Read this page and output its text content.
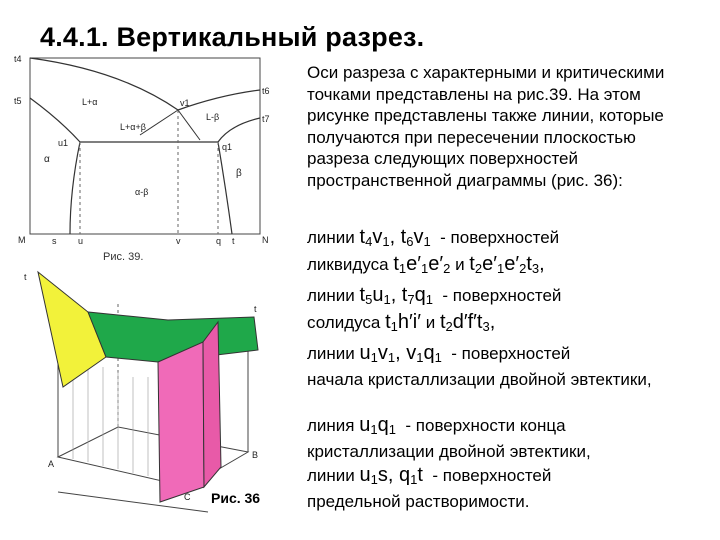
4.4.1. Вертикальный разрез.
t4
t5
t6
t7
v1
u1	q1
L+α
L-β
L+α+β
α
β
α-β
M	N
s u	v	q t
Рис. 39.
t
t
A
B
C Рис. 36
Оси разреза с характерными и критическими точками представлены на рис.39. На этом рисунке представлены также линии, которые получаются при пересечении плоскостью разреза следующих поверхностей пространственной диаграммы (рис. 36):
линии $t_4v_1$, $t_6v_1$ - поверхностей
ликвидуса $t_1e'_1e'_2$ и $t_2e'_1e'_2t_3$,
линии $t_5u_1$, $t_7q_1$ - поверхностей
солидуса $t_1h'i'$ и $t_2d'f't_3$,
линии $u_1v_1$, $v_1q_1$ - поверхностей
начала кристаллизации двойной эвтектики,
линия $u_1q_1$ - поверхности конца
кристаллизации двойной эвтектики,
линии $u_1s$, $q_1t$ - поверхностей
предельной растворимости.
